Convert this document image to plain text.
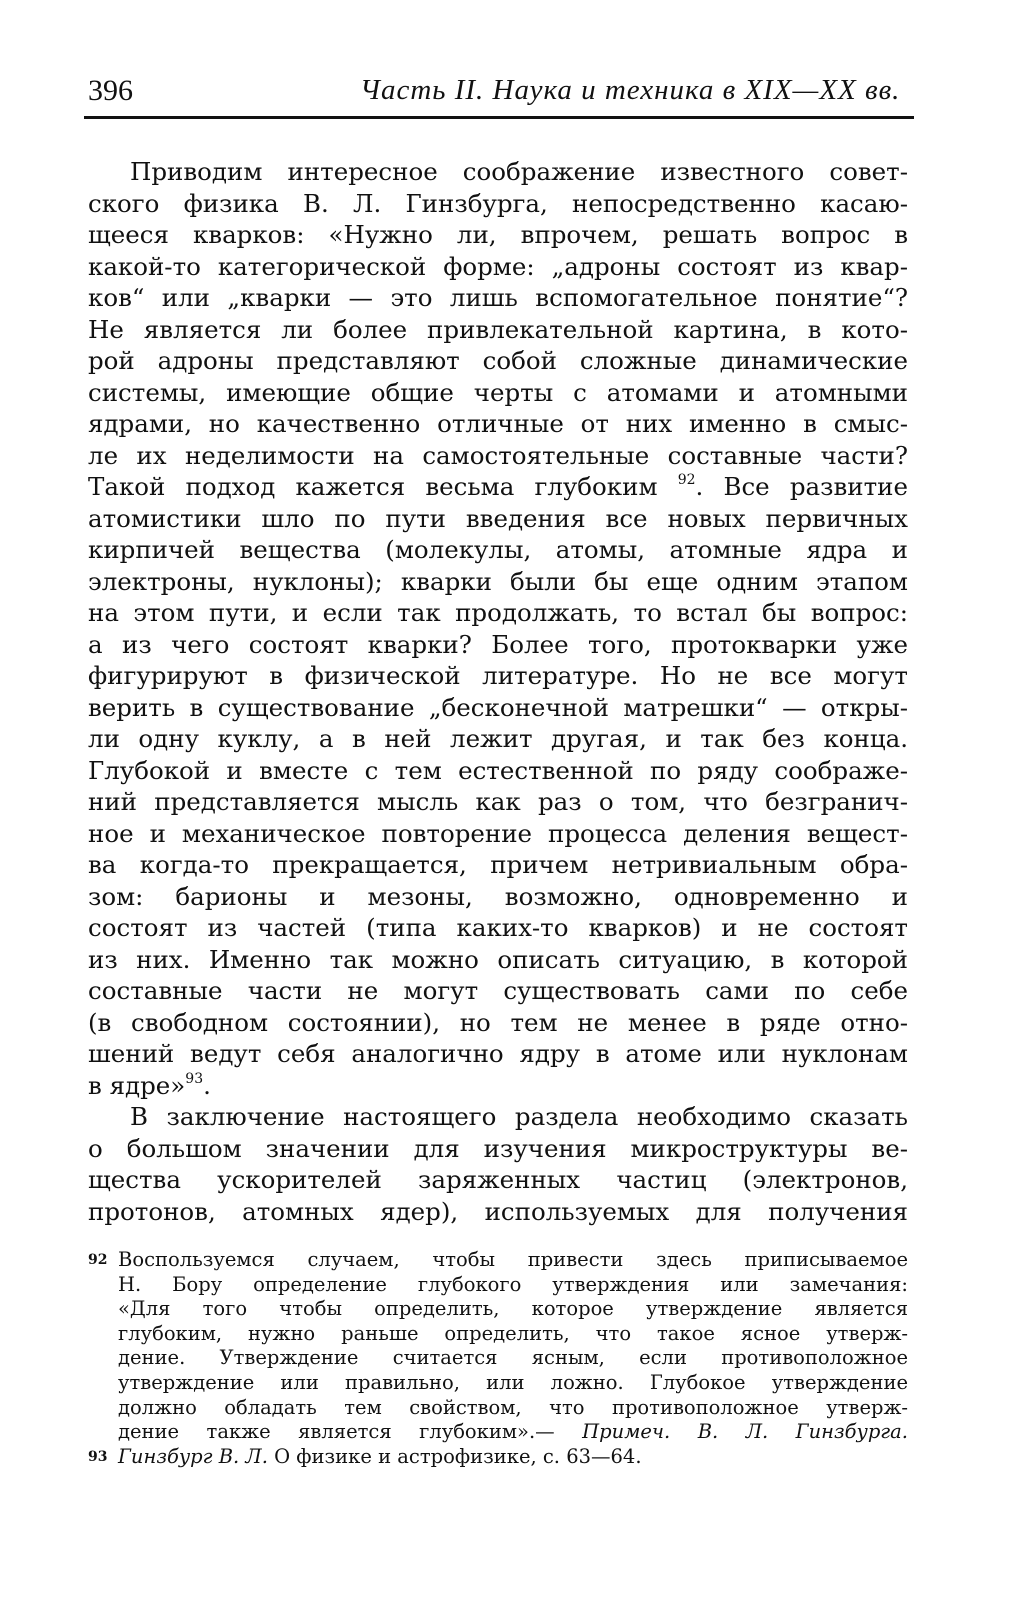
396	Часть II. Наука и техника в XIX—XX вв.
Приводим интересное соображение известного совет-
ского физика В. Л. Гинзбурга, непосредственно касаю-
щееся кварков: «Нужно ли, впрочем, решать вопрос в
какой-то категорической форме: „адроны состоят из квар-
ков“ или „кварки — это лишь вспомогательное понятие“?
Не является ли более привлекательной картина, в кото-
рой адроны представляют собой сложные динамические
системы, имеющие общие черты с атомами и атомными
ядрами, но качественно отличные от них именно в смыс-
ле их неделимости на самостоятельные составные части?
Такой подход кажется весьма глубоким $^{92}$. Все развитие
атомистики шло по пути введения все новых первичных
кирпичей вещества (молекулы, атомы, атомные ядра и
электроны, нуклоны); кварки были бы еще одним этапом
на этом пути, и если так продолжать, то встал бы вопрос:
а из чего состоят кварки? Более того, протокварки уже
фигурируют в физической литературе. Но не все могут
верить в существование „бесконечной матрешки“ — откры-
ли одну куклу, а в ней лежит другая, и так без конца.
Глубокой и вместе с тем естественной по ряду соображе-
ний представляется мысль как раз о том, что безгранич-
ное и механическое повторение процесса деления вещест-
ва когда-то прекращается, причем нетривиальным обра-
зом: барионы и мезоны, возможно, одновременно и
состоят из частей (типа каких-то кварков) и не состоят
из них. Именно так можно описать ситуацию, в которой
составные части не могут существовать сами по себе
(в свободном состоянии), но тем не менее в ряде отно-
шений ведут себя аналогично ядру в атоме или нуклонам
в ядре»$^{93}$.
В заключение настоящего раздела необходимо сказать
о большом значении для изучения микроструктуры ве-
щества ускорителей заряженных частиц (электронов,
протонов, атомных ядер), используемых для получения
92 Воспользуемся случаем, чтобы привести здесь приписываемое
Н. Бору определение глубокого утверждения или замечания:
«Для того чтобы определить, которое утверждение является
глубоким, нужно раньше определить, что такое ясное утверж-
дение. Утверждение считается ясным, если противоположное
утверждение или правильно, или ложно. Глубокое утверждение
должно обладать тем свойством, что противоположное утверж-
дение также является глубоким».— Примеч. В. Л. Гинзбурга.
93 Гинзбург В. Л. О физике и астрофизике, с. 63—64.
